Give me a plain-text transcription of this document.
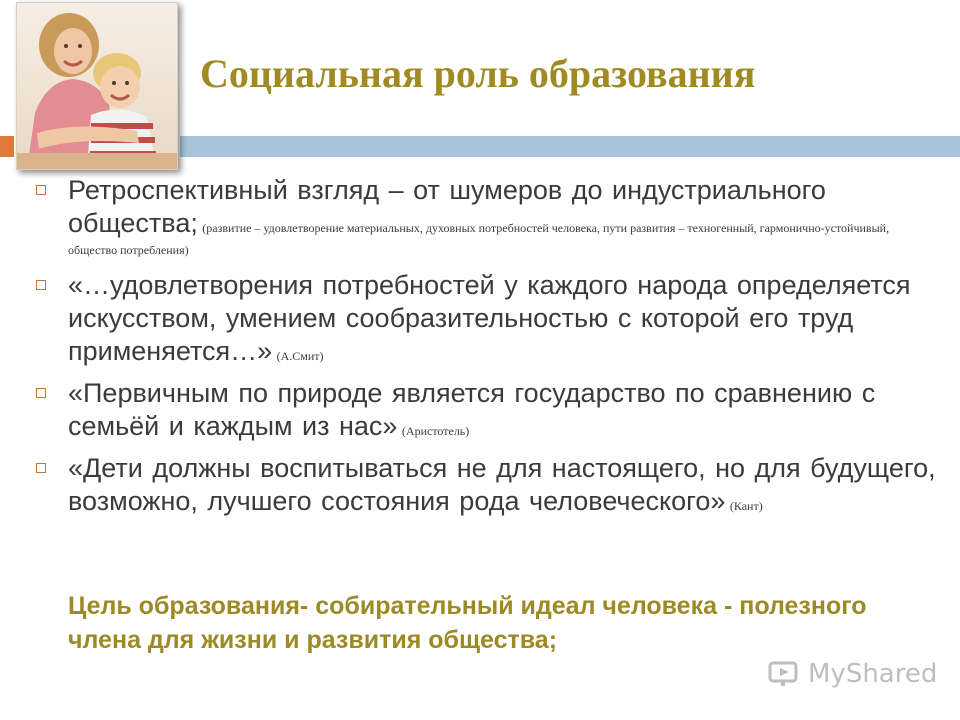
Социальная роль образования
Ретроспективный взгляд – от шумеров до индустриального общества; (развитие – удовлетворение материальных, духовных потребностей человека, пути развития – техногенный, гармонично-устойчивый, общество потребления)
«…удовлетворения потребностей у каждого народа определяется искусством, умением сообразительностью с которой его труд применяется…» (А.Смит)
«Первичным по природе является государство по сравнению с семьёй и каждым из нас» (Аристотель)
«Дети должны воспитываться не для настоящего, но для будущего, возможно, лучшего состояния рода человеческого» (Кант)

Цель образования- собирательный идеал человека - полезного члена для жизни и развития общества;

MyShared
